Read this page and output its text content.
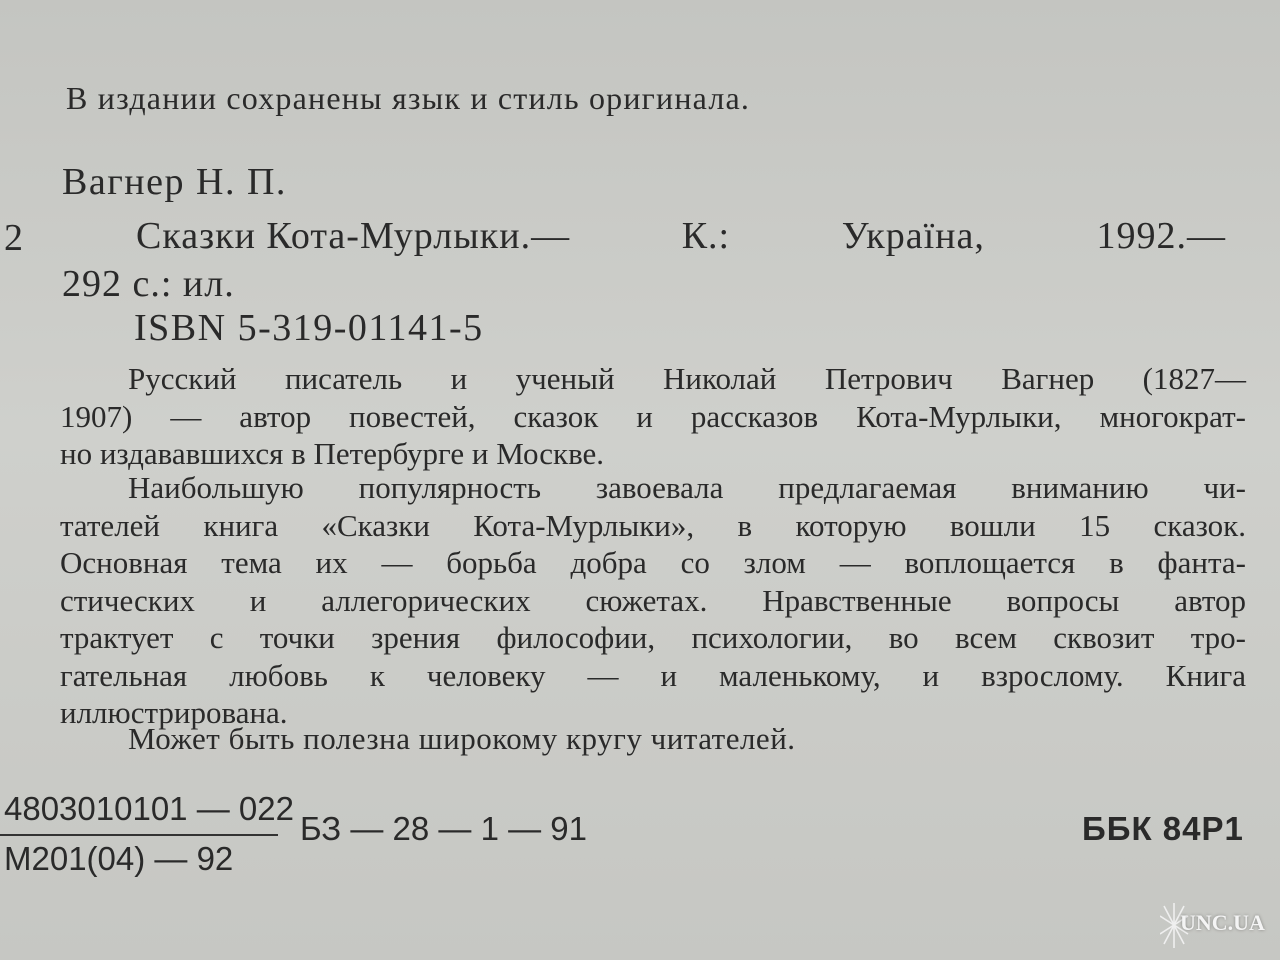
В издании сохранены язык и стиль оригинала.
Вагнер Н. П.
2	Сказки Кота-Мурлыки.—	К.:	Україна,	1992.—
292 с.: ил.
ISBN 5-319-01141-5
Русский писатель и ученый Николай Петрович Вагнер (1827—
1907) — автор повестей, сказок и рассказов Кота-Мурлыки, многократ-
но издававшихся в Петербурге и Москве.
Наибольшую популярность завоевала предлагаемая вниманию чи-
тателей книга «Сказки Кота-Мурлыки», в которую вошли 15 сказок.
Основная тема их — борьба добра со злом — воплощается в фанта-
стических и аллегорических сюжетах. Нравственные вопросы автор
трактует с точки зрения философии, психологии, во всем сквозит тро-
гательная любовь к человеку — и маленькому, и взрослому. Книга
иллюстрирована.
Может быть полезна широкому кругу читателей.
4803010101 — 022
М201(04) — 92
БЗ — 28 — 1 — 91	ББК 84Р1
UNC.UA
